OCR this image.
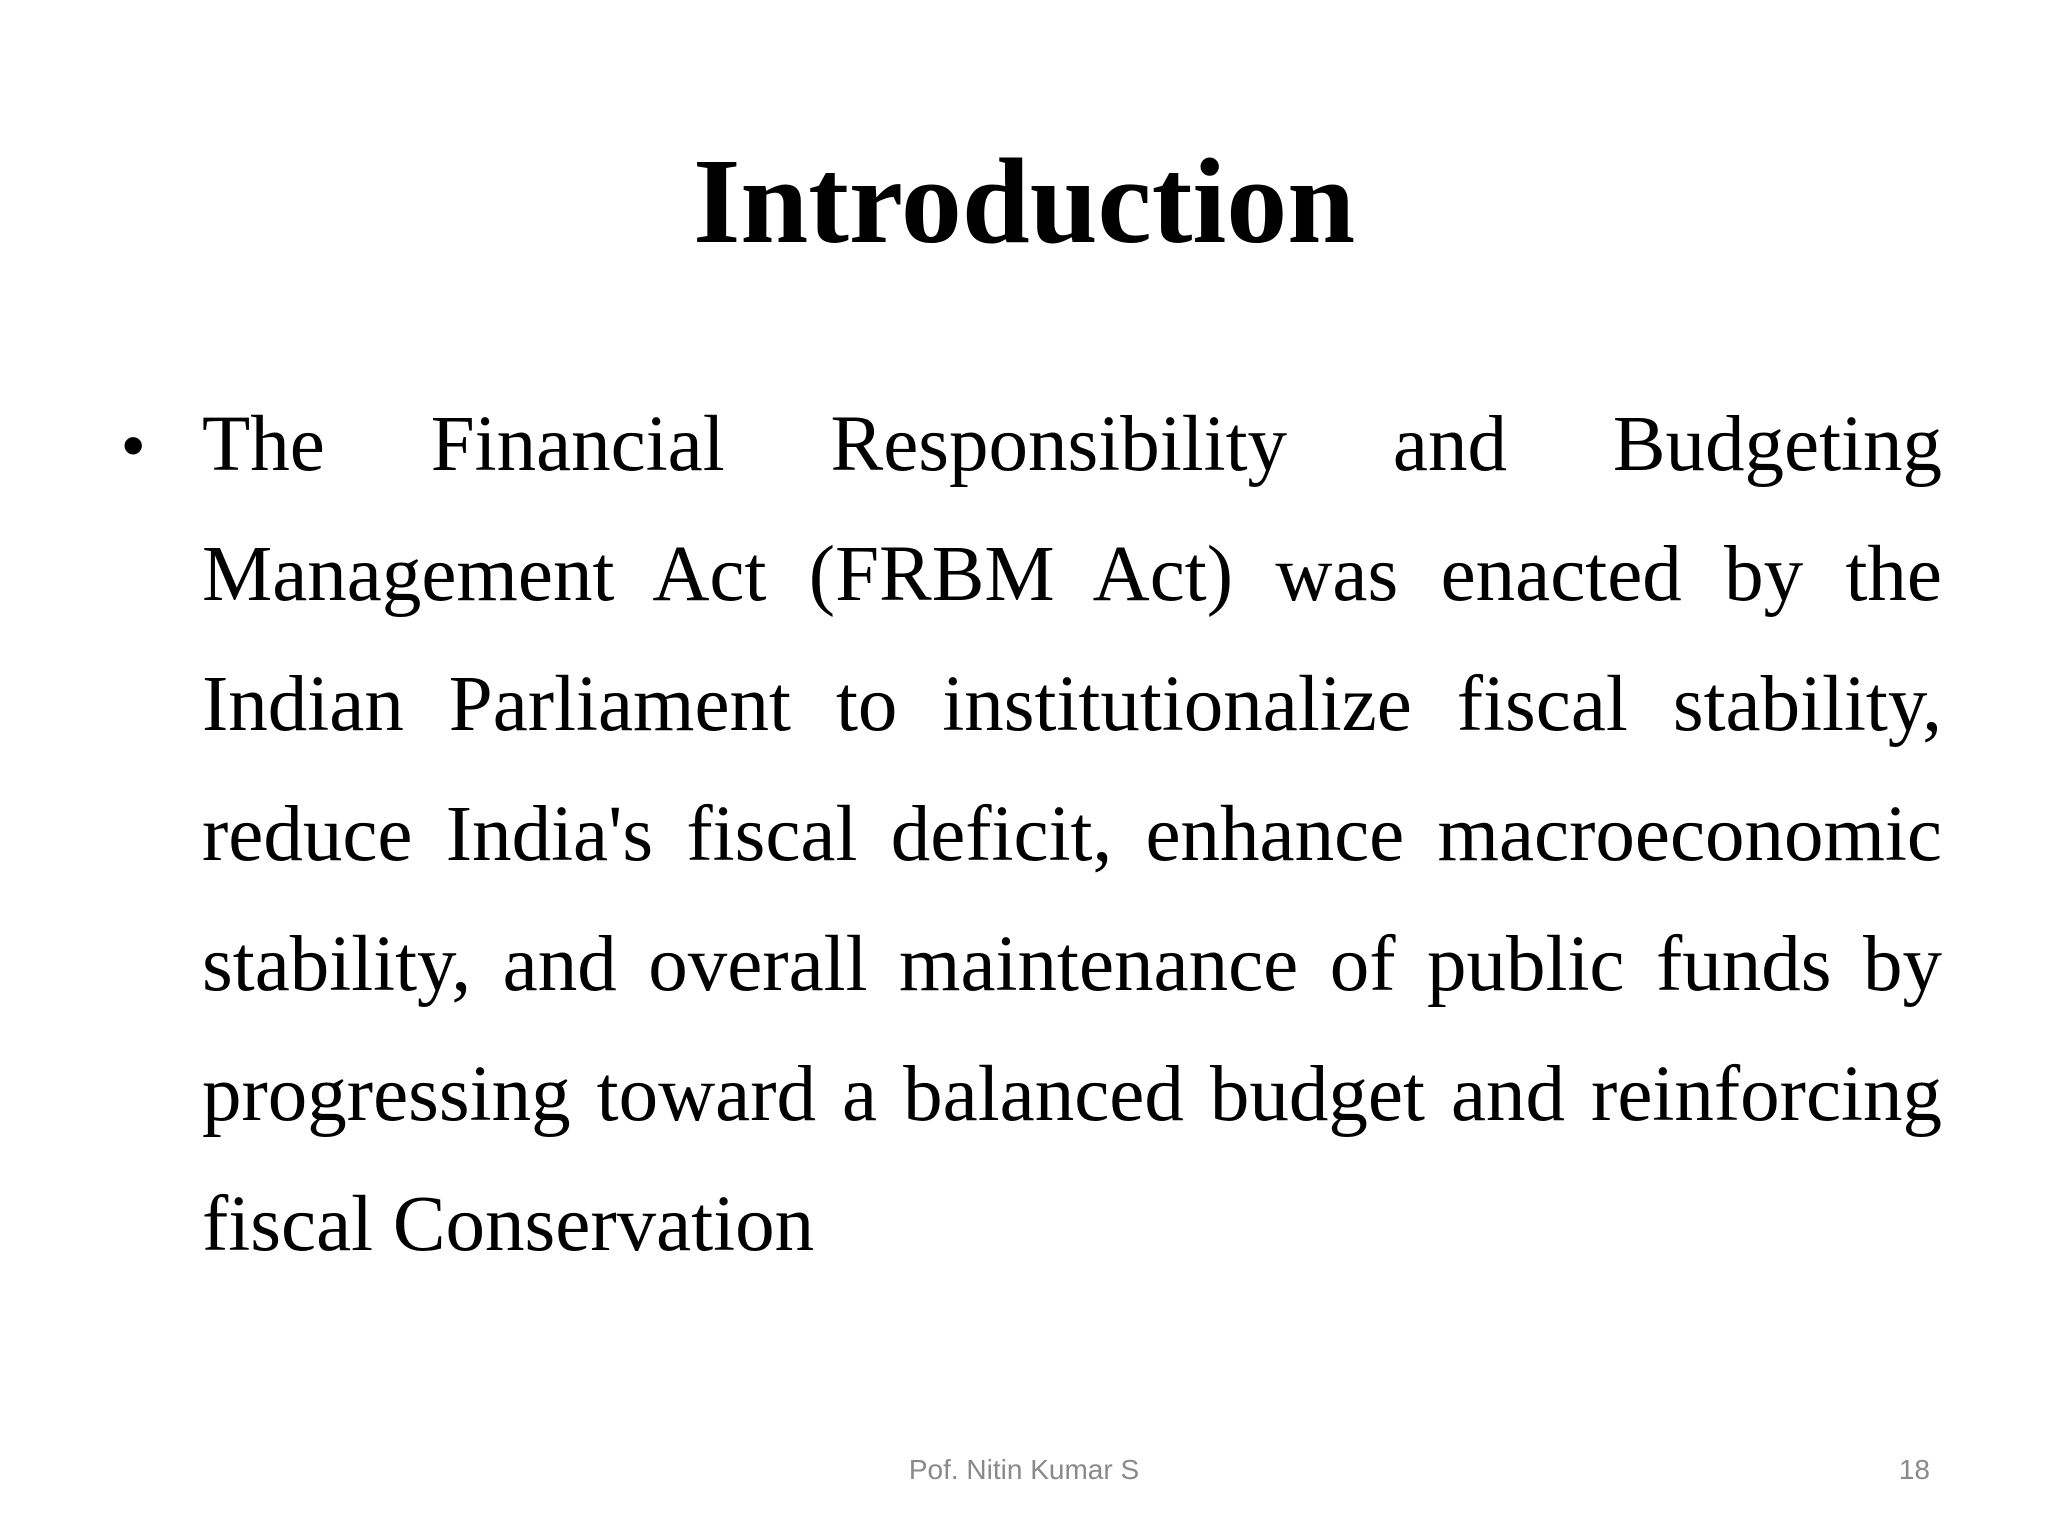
Introduction
• The Financial Responsibility and Budgeting Management Act (FRBM Act) was enacted by the Indian Parliament to institutionalize fiscal stability, reduce India's fiscal deficit, enhance macroeconomic stability, and overall maintenance of public funds by progressing toward a balanced budget and reinforcing fiscal Conservation

Pof. Nitin Kumar S	18
